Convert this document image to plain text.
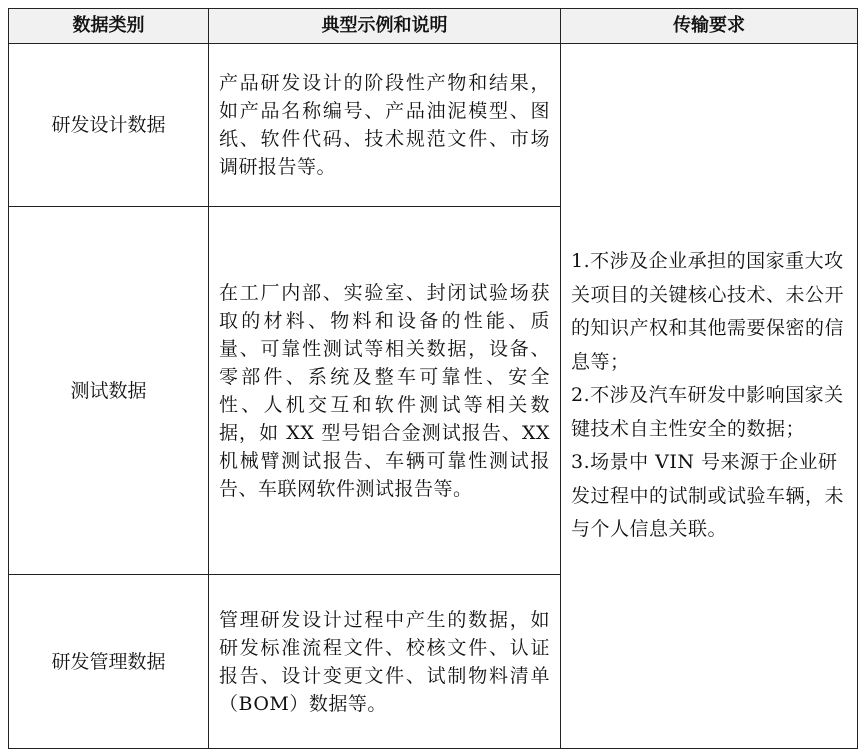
数据类别	典型示例和说明	传输要求
研发设计数据	产品研发设计的阶段性产物和结果，如产品名称编号、产品油泥模型、图纸、软件代码、技术规范文件、市场调研报告等。	1.不涉及企业承担的国家重大攻关项目的关键核心技术、未公开的知识产权和其他需要保密的信息等；

2.不涉及汽车研发中影响国家关键技术自主性安全的数据；

3.场景中 VIN 号来源于企业研发过程中的试制或试验车辆，未与个人信息关联。

测试数据	在工厂内部、实验室、封闭试验场获取的材料、物料和设备的性能、质量、可靠性测试等相关数据，设备、零部件、系统及整车可靠性、安全性、人机交互和软件测试等相关数据，如 XX 型号铝合金测试报告、XX 机械臂测试报告、车辆可靠性测试报告、车联网软件测试报告等。	
研发管理数据	管理研发设计过程中产生的数据，如研发标准流程文件、校核文件、认证报告、设计变更文件、试制物料清单（BOM）数据等。	
